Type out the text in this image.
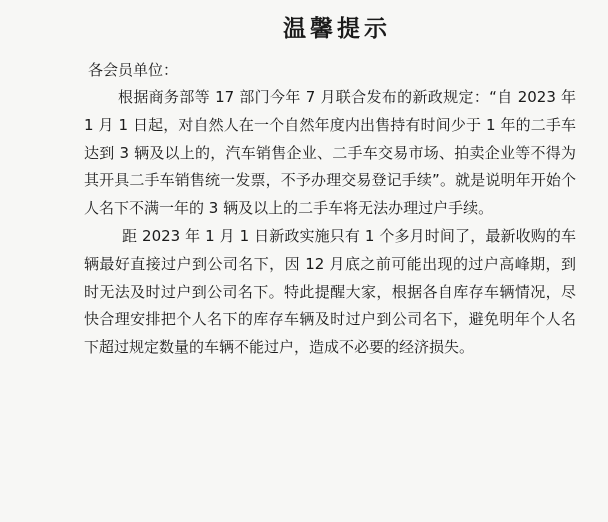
温馨提示

各会员单位：

根据商务部等 17 部门今年 7 月联合发布的新政规定：“自 2023 年 1 月 1 日起，对自然人在一个自然年度内出售持有时间少于 1 年的二手车达到 3 辆及以上的，汽车销售企业、二手车交易市场、拍卖企业等不得为其开具二手车销售统一发票，不予办理交易登记手续”。就是说明年开始个人名下不满一年的 3 辆及以上的二手车将无法办理过户手续。

距 2023 年 1 月 1 日新政实施只有 1 个多月时间了，最新收购的车辆最好直接过户到公司名下，因 12 月底之前可能出现的过户高峰期，到时无法及时过户到公司名下。特此提醒大家，根据各自库存车辆情况，尽快合理安排把个人名下的库存车辆及时过户到公司名下，避免明年个人名下超过规定数量的车辆不能过户，造成不必要的经济损失。
